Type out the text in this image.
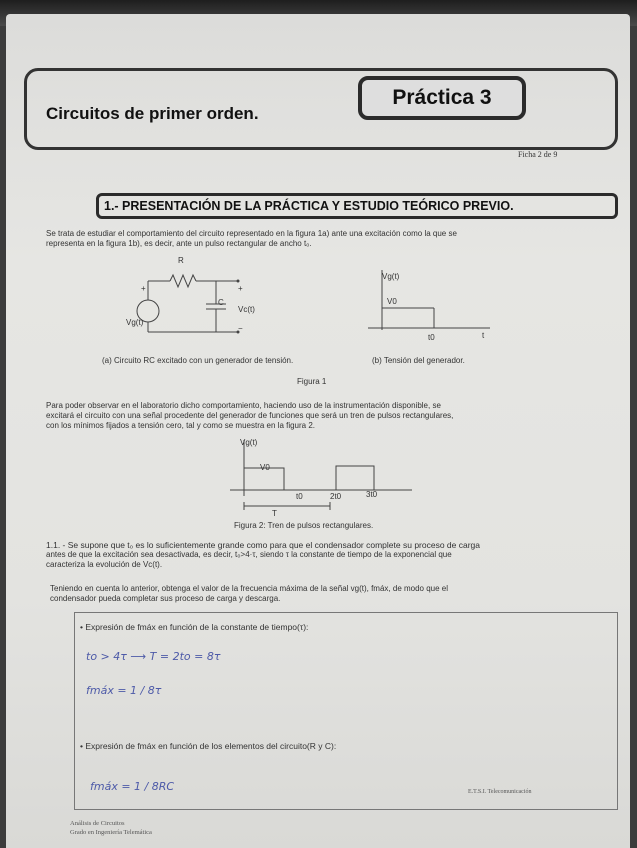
Práctica 3
Circuitos de primer orden.
Ficha 2 de 9
1.- PRESENTACIÓN DE LA PRÁCTICA Y ESTUDIO TEÓRICO PREVIO.
Se trata de estudiar el comportamiento del circuito representado en la figura 1a) ante una excitación como la que se
representa en la figura 1b), es decir, ante un pulso rectangular de ancho t₀.
R
C
+	+
−
Vg(t)
Vc(t)
Vg(t)
V0
t0	t
(a) Circuito RC excitado con un generador de tensión.	(b) Tensión del generador.
Figura 1
Para poder observar en el laboratorio dicho comportamiento, haciendo uso de la instrumentación disponible, se
excitará el circuito con una señal procedente del generador de funciones que será un tren de pulsos rectangulares,
con los mínimos fijados a tensión cero, tal y como se muestra en la figura 2.
Vg(t)
V0
t0	2t0	3t0
T
Figura 2: Tren de pulsos rectangulares.
1.1. - Se supone que t₀ es lo suficientemente grande como para que el condensador complete su proceso de carga
antes de que la excitación sea desactivada, es decir, t₀>4·τ, siendo τ la constante de tiempo de la exponencial que
caracteriza la evolución de Vc(t).
Teniendo en cuenta lo anterior, obtenga el valor de la frecuencia máxima de la señal vg(t), fmáx, de modo que el
condensador pueda completar sus proceso de carga y descarga.
• Expresión de fmáx en función de la constante de tiempo(τ):
to > 4τ ⟶ T = 2to = 8τ
fmáx = 1 / 8τ
• Expresión de fmáx en función de los elementos del circuito(R y C):
fmáx = 1 / 8RC	E.T.S.I. Telecomunicación
Análisis de Circuitos
Grado en Ingeniería Telemática
